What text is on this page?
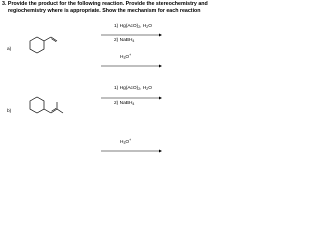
3. Provide the product for the following reaction. Provide the stereochemistry and
regiochemistry where is appropriate. Show the mechanism for each reaction
a)
1) $Hg(AcO)_2$, $H_2O$
2) NaBH$_4$
$H_3O^+$
b)
1) $Hg(AcO)_2$, $H_2O$
2) NaBH$_4$
$H_3O^+$
